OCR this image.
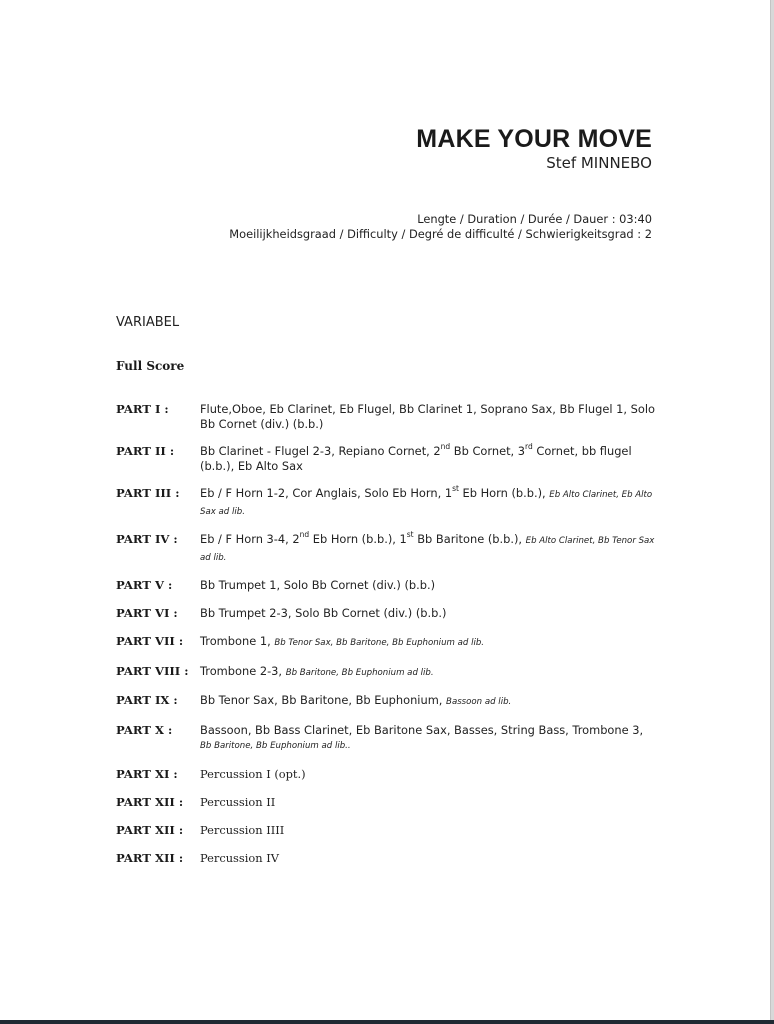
MAKE YOUR MOVE
Stef MINNEBO
Lengte / Duration / Durée / Dauer : 03:40
Moeilijkheidsgraad / Difficulty / Degré de difficulté / Schwierigkeitsgrad : 2
VARIABEL
Full Score
PART I :	Flute,Oboe, Eb Clarinet, Eb Flugel, Bb Clarinet 1, Soprano Sax, Bb Flugel 1, Solo Bb Cornet (div.) (b.b.)
PART II :	Bb Clarinet - Flugel 2-3, Repiano Cornet, 2nd Bb Cornet, 3rd Cornet, bb flugel (b.b.), Eb Alto Sax
PART III :	Eb / F Horn 1-2, Cor Anglais, Solo Eb Horn, 1st Eb Horn (b.b.), Eb Alto Clarinet, Eb Alto Sax ad lib.
PART IV :	Eb / F Horn 3-4, 2nd Eb Horn (b.b.), 1st Bb Baritone (b.b.), Eb Alto Clarinet, Bb Tenor Sax ad lib.
PART V :	Bb Trumpet 1, Solo Bb Cornet (div.) (b.b.)
PART VI :	Bb Trumpet 2-3, Solo Bb Cornet (div.) (b.b.)
PART VII :	Trombone 1, Bb Tenor Sax, Bb Baritone, Bb Euphonium ad lib.
PART VIII :	Trombone 2-3, Bb Baritone, Bb Euphonium ad lib.
PART IX :	Bb Tenor Sax, Bb Baritone, Bb Euphonium, Bassoon ad lib.
PART X :	Bassoon, Bb Bass Clarinet, Eb Baritone Sax, Basses, String Bass, Trombone 3, Bb Baritone, Bb Euphonium ad lib..
PART XI :	Percussion I (opt.)
PART XII :	Percussion II
PART XII :	Percussion IIII
PART XII :	Percussion IV
